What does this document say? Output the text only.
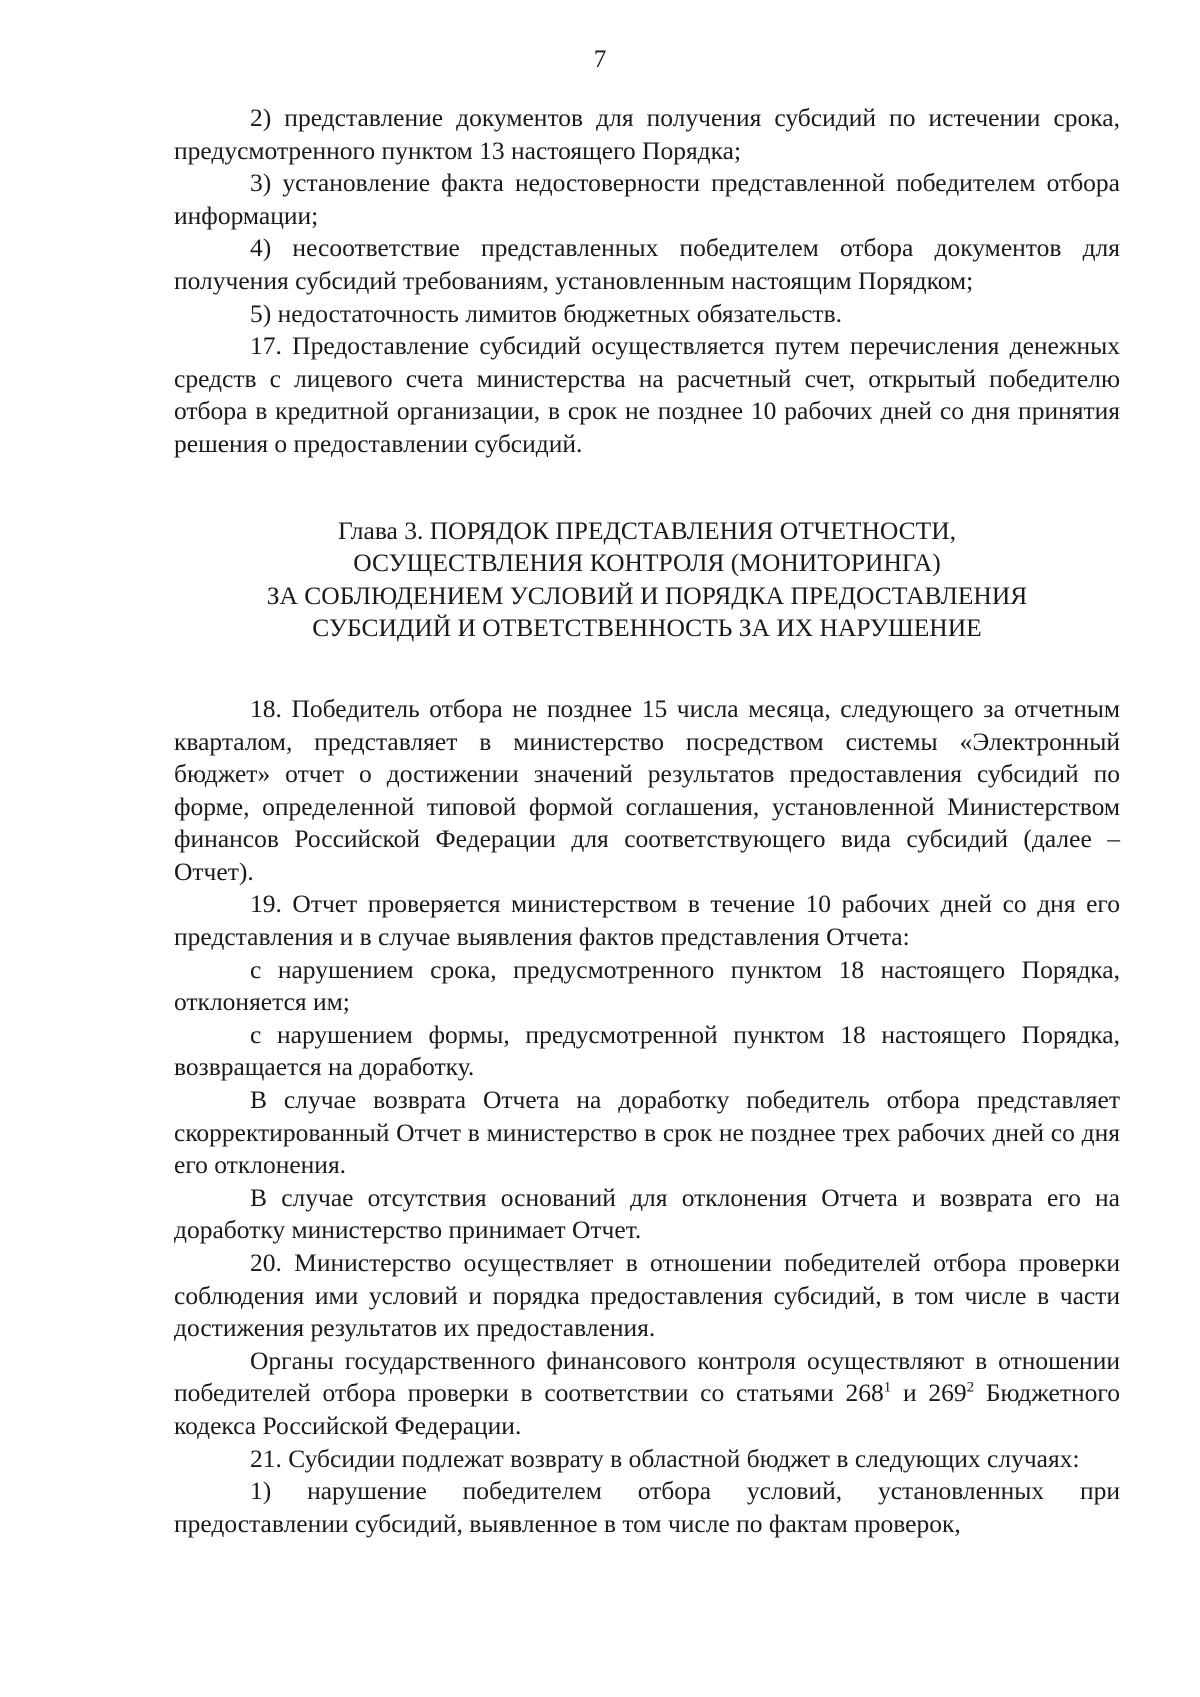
7

2) представление документов для получения субсидий по истечении срока, предусмотренного пунктом 13 настоящего Порядка;

3) установление факта недостоверности представленной победителем отбора информации;

4) несоответствие представленных победителем отбора документов для получения субсидий требованиям, установленным настоящим Порядком;

5) недостаточность лимитов бюджетных обязательств.

17. Предоставление субсидий осуществляется путем перечисления денежных средств с лицевого счета министерства на расчетный счет, открытый победителю отбора в кредитной организации, в срок не позднее 10 рабочих дней со дня принятия решения о предоставлении субсидий.

Глава 3. ПОРЯДОК ПРЕДСТАВЛЕНИЯ ОТЧЕТНОСТИ,
ОСУЩЕСТВЛЕНИЯ КОНТРОЛЯ (МОНИТОРИНГА)
ЗА СОБЛЮДЕНИЕМ УСЛОВИЙ И ПОРЯДКА ПРЕДОСТАВЛЕНИЯ
СУБСИДИЙ И ОТВЕТСТВЕННОСТЬ ЗА ИХ НАРУШЕНИЕ

18. Победитель отбора не позднее 15 числа месяца, следующего за отчетным кварталом, представляет в министерство посредством системы «Электронный бюджет» отчет о достижении значений результатов предоставления субсидий по форме, определенной типовой формой соглашения, установленной Министерством финансов Российской Федерации для соответствующего вида субсидий (далее – Отчет).

19. Отчет проверяется министерством в течение 10 рабочих дней со дня его представления и в случае выявления фактов представления Отчета:

с нарушением срока, предусмотренного пунктом 18 настоящего Порядка, отклоняется им;

с нарушением формы, предусмотренной пунктом 18 настоящего Порядка, возвращается на доработку.

В случае возврата Отчета на доработку победитель отбора представляет скорректированный Отчет в министерство в срок не позднее трех рабочих дней со дня его отклонения.

В случае отсутствия оснований для отклонения Отчета и возврата его на доработку министерство принимает Отчет.

20. Министерство осуществляет в отношении победителей отбора проверки соблюдения ими условий и порядка предоставления субсидий, в том числе в части достижения результатов их предоставления.

Органы государственного финансового контроля осуществляют в отношении победителей отбора проверки в соответствии со статьями $268^1$ и $269^2$ Бюджетного кодекса Российской Федерации.

21. Субсидии подлежат возврату в областной бюджет в следующих случаях:

1) нарушение победителем отбора условий, установленных при предоставлении субсидий, выявленное в том числе по фактам проверок,
